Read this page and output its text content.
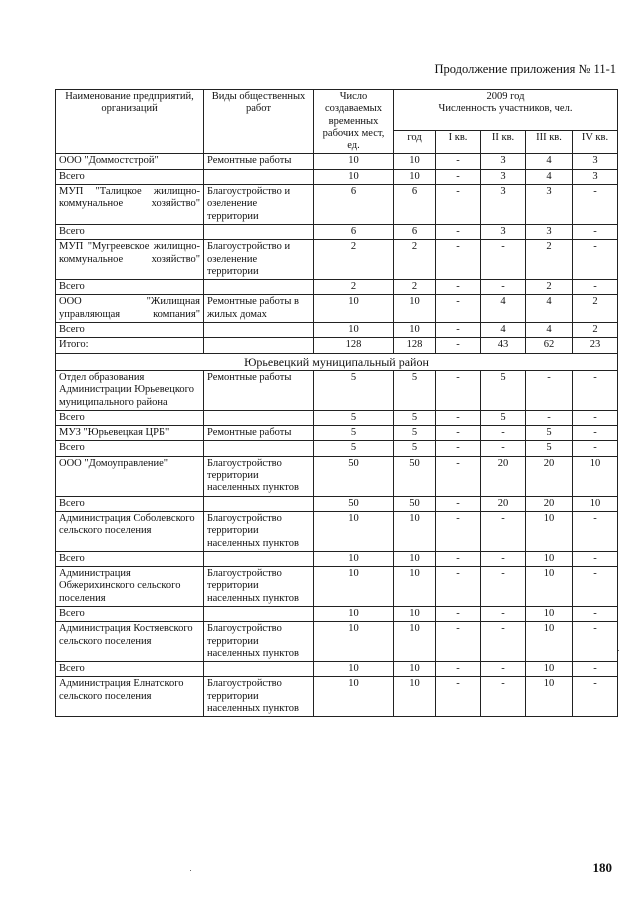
Продолжение приложения № 11-1
Наименование предприятий, организаций	Виды общественных работ	Число создаваемых временных рабочих мест, ед.	2009 год
Численность участников, чел.				

			год	I кв.	II кв.	III кв.	IV кв.
ООО "Доммостстрой"	Ремонтные работы	10	10	-	3	4	3
Всего		10	10	-	3	4	3
МУП "Талицкое жилищно-коммунальное хозяйство"	Благоустройство и озеленение территории	6	6	-	3	3	-
Всего		6	6	-	3	3	-
МУП "Мугреевское жилищно-коммунальное хозяйство"	Благоустройство и озеленение территории	2	2	-	-	2	-
Всего		2	2	-	-	2	-
ООО "Жилищная управляющая компания"	Ремонтные работы в жилых домах	10	10	-	4	4	2
Всего		10	10	-	4	4	2
Итого:		128	128	-	43	62	23
Юрьевецкий муниципальный район							
Отдел образования Администрации Юрьевецкого муниципального района	Ремонтные работы	5	5	-	5	-	-
Всего		5	5	-	5	-	-
МУЗ "Юрьевецкая ЦРБ"	Ремонтные работы	5	5	-	-	5	-
Всего		5	5	-	-	5	-
ООО "Домоуправление"	Благоустройство территории населенных пунктов	50	50	-	20	20	10
Всего		50	50	-	20	20	10
Администрация Соболевского сельского поселения	Благоустройство территории населенных пунктов	10	10	-	-	10	-
Всего		10	10	-	-	10	-
Администрация Обжерихинского сельского поселения	Благоустройство территории населенных пунктов	10	10	-	-	10	-
Всего		10	10	-	-	10	-
Администрация Костяевского сельского поселения	Благоустройство территории населенных пунктов	10	10	-	-	10	-
Всего		10	10	-	-	10	-
Администрация Елнатского сельского поселения	Благоустройство территории населенных пунктов	10	10	-	-	10	-
180
